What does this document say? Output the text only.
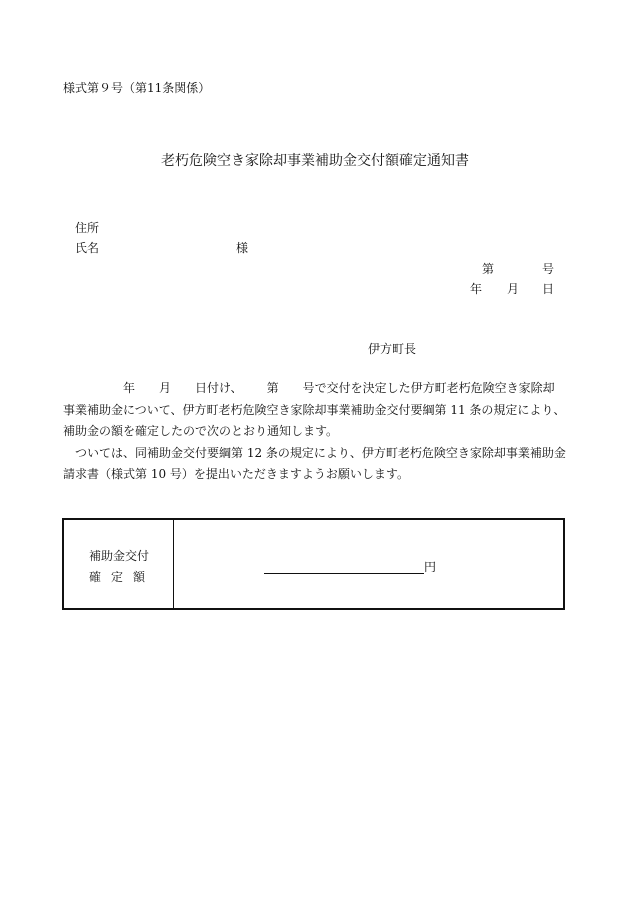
様式第９号（第11条関係）
老朽危険空き家除却事業補助金交付額確定通知書
住所
氏名	様
第	号
年 月 日
伊方町長
年 月 日付け、 第 号で交付を決定した伊方町老朽危険空き家除却
事業補助金について、伊方町老朽危険空き家除却事業補助金交付要綱第 11 条の規定により、
補助金の額を確定したので次のとおり通知します。
ついては、同補助金交付要綱第 12 条の規定により、伊方町老朽危険空き家除却事業補助金
請求書（様式第 10 号）を提出いただきますようお願いします。
補助金交付
確定額
円
